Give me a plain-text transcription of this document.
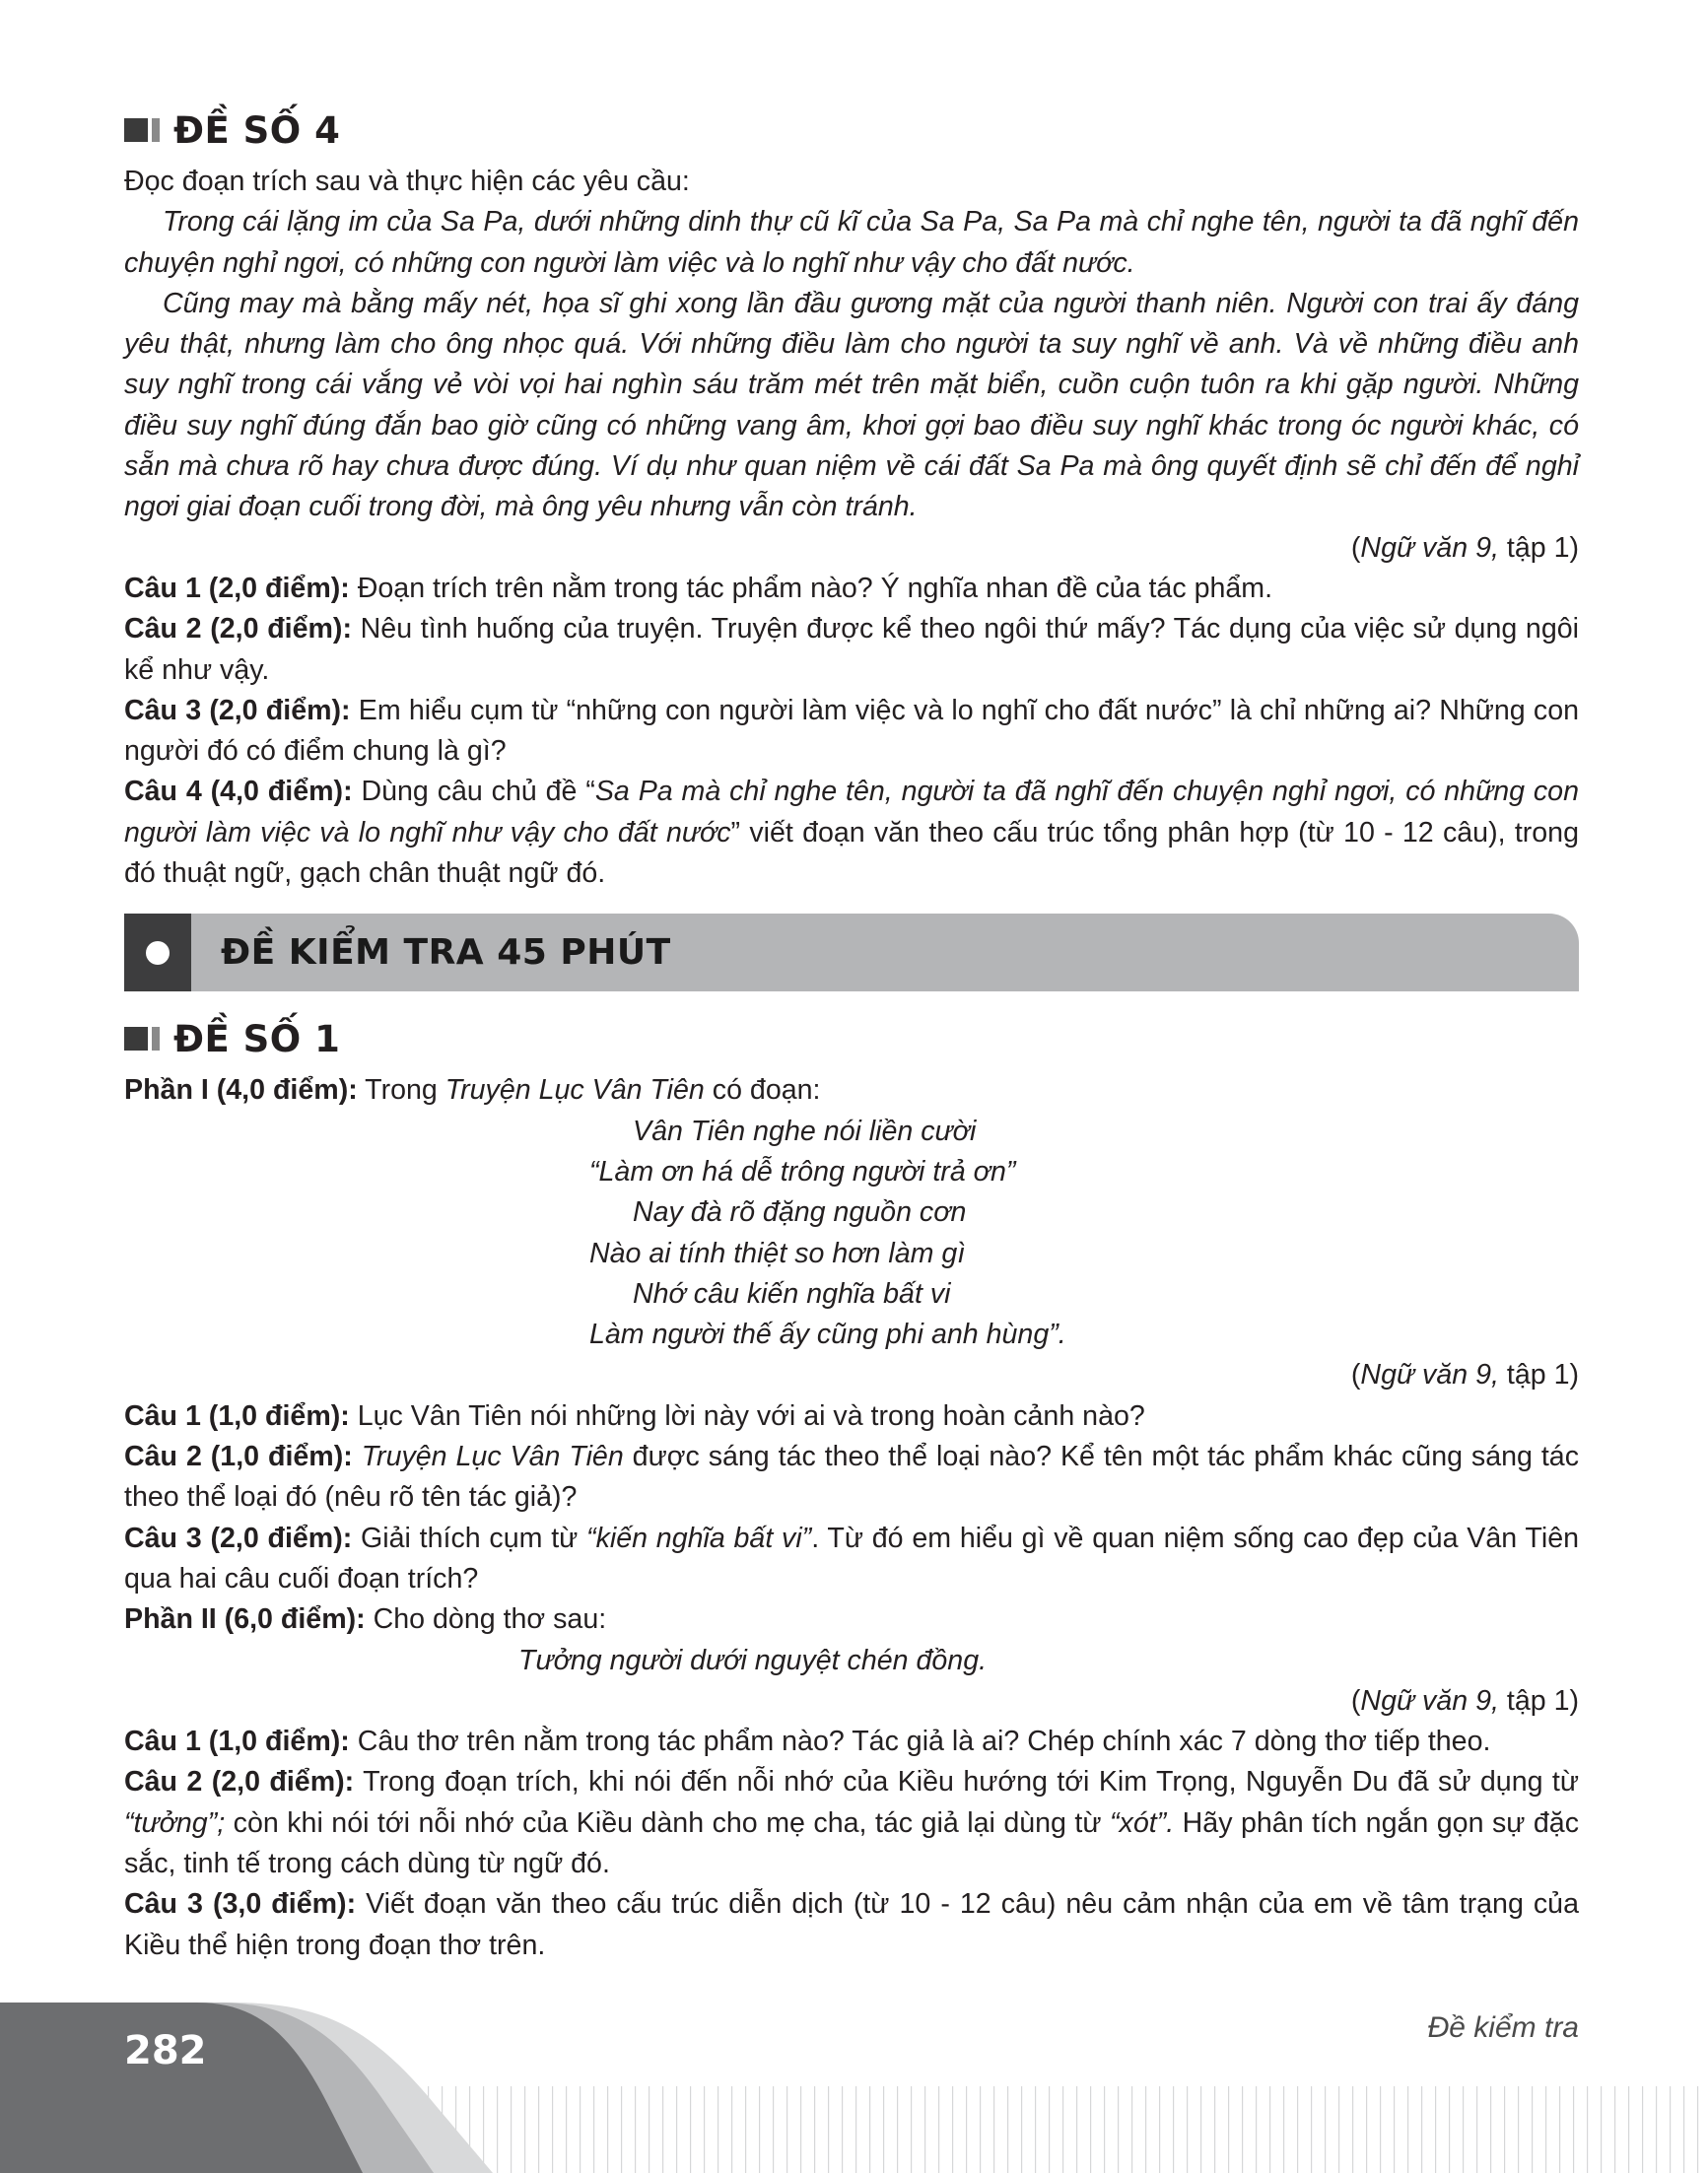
ĐỀ SỐ 4

Đọc đoạn trích sau và thực hiện các yêu cầu:

Trong cái lặng im của Sa Pa, dưới những dinh thự cũ kĩ của Sa Pa, Sa Pa mà chỉ nghe tên, người ta đã nghĩ đến chuyện nghỉ ngơi, có những con người làm việc và lo nghĩ như vậy cho đất nước.

Cũng may mà bằng mấy nét, họa sĩ ghi xong lần đầu gương mặt của người thanh niên. Người con trai ấy đáng yêu thật, nhưng làm cho ông nhọc quá. Với những điều làm cho người ta suy nghĩ về anh. Và về những điều anh suy nghĩ trong cái vắng vẻ vòi vọi hai nghìn sáu trăm mét trên mặt biển, cuồn cuộn tuôn ra khi gặp người. Những điều suy nghĩ đúng đắn bao giờ cũng có những vang âm, khơi gợi bao điều suy nghĩ khác trong óc người khác, có sẵn mà chưa rõ hay chưa được đúng. Ví dụ như quan niệm về cái đất Sa Pa mà ông quyết định sẽ chỉ đến để nghỉ ngơi giai đoạn cuối trong đời, mà ông yêu nhưng vẫn còn tránh.

(Ngữ văn 9, tập 1)

Câu 1 (2,0 điểm): Đoạn trích trên nằm trong tác phẩm nào? Ý nghĩa nhan đề của tác phẩm.

Câu 2 (2,0 điểm): Nêu tình huống của truyện. Truyện được kể theo ngôi thứ mấy? Tác dụng của việc sử dụng ngôi kể như vậy.

Câu 3 (2,0 điểm): Em hiểu cụm từ “những con người làm việc và lo nghĩ cho đất nước” là chỉ những ai? Những con người đó có điểm chung là gì?

Câu 4 (4,0 điểm): Dùng câu chủ đề “Sa Pa mà chỉ nghe tên, người ta đã nghĩ đến chuyện nghỉ ngơi, có những con người làm việc và lo nghĩ như vậy cho đất nước” viết đoạn văn theo cấu trúc tổng phân hợp (từ 10 - 12 câu), trong đó thuật ngữ, gạch chân thuật ngữ đó.

ĐỀ KIỂM TRA 45 PHÚT
ĐỀ SỐ 1

Phần I (4,0 điểm): Trong Truyện Lục Vân Tiên có đoạn:

Vân Tiên nghe nói liền cười
“Làm ơn há dễ trông người trả ơn”
Nay đà rõ đặng nguồn cơn
Nào ai tính thiệt so hơn làm gì
Nhớ câu kiến nghĩa bất vi
Làm người thế ấy cũng phi anh hùng”.

(Ngữ văn 9, tập 1)

Câu 1 (1,0 điểm): Lục Vân Tiên nói những lời này với ai và trong hoàn cảnh nào?

Câu 2 (1,0 điểm): Truyện Lục Vân Tiên được sáng tác theo thể loại nào? Kể tên một tác phẩm khác cũng sáng tác theo thể loại đó (nêu rõ tên tác giả)?

Câu 3 (2,0 điểm): Giải thích cụm từ “kiến nghĩa bất vi”. Từ đó em hiểu gì về quan niệm sống cao đẹp của Vân Tiên qua hai câu cuối đoạn trích?

Phần II (6,0 điểm): Cho dòng thơ sau:

Tưởng người dưới nguyệt chén đồng.

(Ngữ văn 9, tập 1)

Câu 1 (1,0 điểm): Câu thơ trên nằm trong tác phẩm nào? Tác giả là ai? Chép chính xác 7 dòng thơ tiếp theo.

Câu 2 (2,0 điểm): Trong đoạn trích, khi nói đến nỗi nhớ của Kiều hướng tới Kim Trọng, Nguyễn Du đã sử dụng từ “tưởng”; còn khi nói tới nỗi nhớ của Kiều dành cho mẹ cha, tác giả lại dùng từ “xót”. Hãy phân tích ngắn gọn sự đặc sắc, tinh tế trong cách dùng từ ngữ đó.

Câu 3 (3,0 điểm): Viết đoạn văn theo cấu trúc diễn dịch (từ 10 - 12 câu) nêu cảm nhận của em về tâm trạng của Kiều thể hiện trong đoạn thơ trên.

282
Đề kiểm tra
